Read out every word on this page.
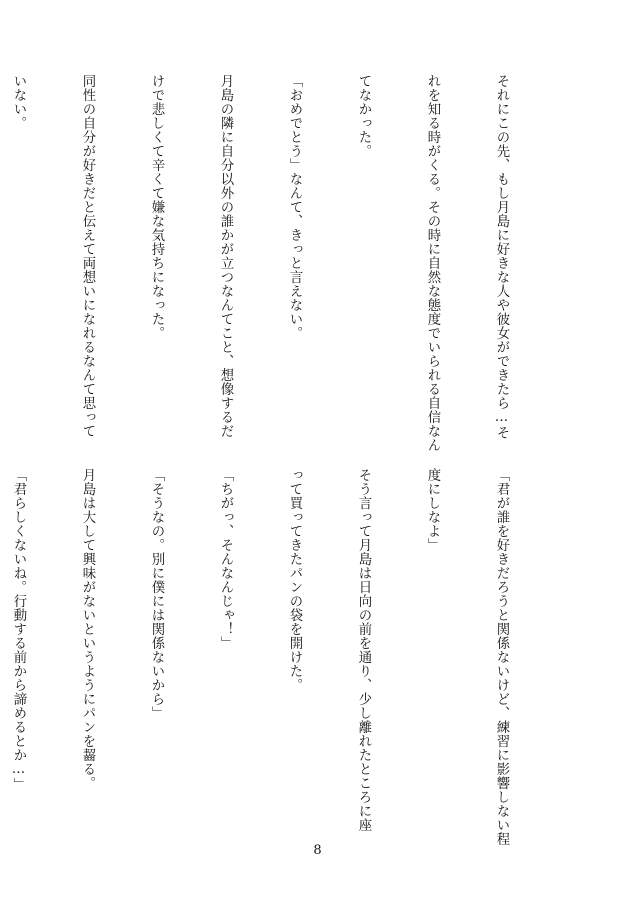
それにこの先、もし月島に好きな人や彼女ができたら…そ

れを知る時がくる。その時に自然な態度でいられる自信なん

てなかった。

「おめでとう」なんて、きっと言えない。

月島の隣に自分以外の誰かが立つなんてこと、想像するだ

けで悲しくて辛くて嫌な気持ちになった。

同性の自分が好きだと伝えて両想いになれるなんて思って

いない。

「君が誰を好きだろうと関係ないけど、練習に影響しない程

度にしなよ」

そう言って月島は日向の前を通り、少し離れたところに座

って買ってきたパンの袋を開けた。

「ちがっ、そんなんじゃ！」

「そうなの。別に僕には関係ないから」

月島は大して興味がないというようにパンを齧る。

「君らしくないね。行動する前から諦めるとか…」

8
